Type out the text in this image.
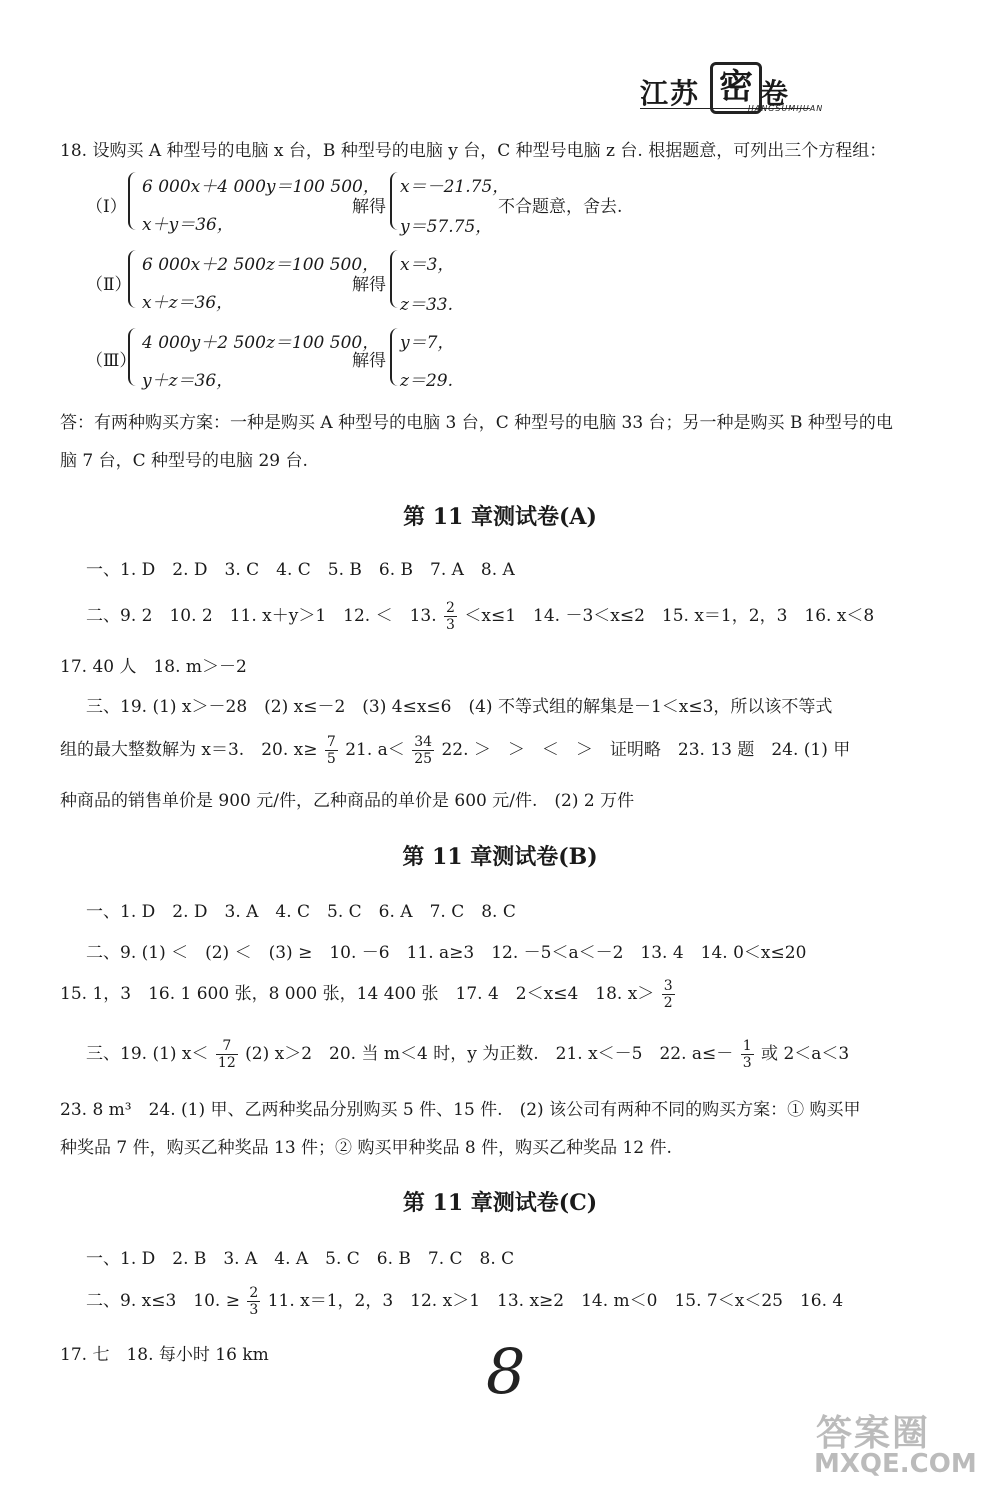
江苏 密 卷
JIANGSUMIJUAN
18. 设购买 A 种型号的电脑 x 台，B 种型号的电脑 y 台，C 种型号电脑 z 台. 根据题意，可列出三个方程组：
（Ⅰ）
6 000x＋4 000y＝100 500，
x＋y＝36，
解得
x＝－21.75，
y＝57.75，
不合题意，舍去.
（Ⅱ）
6 000x＋2 500z＝100 500，
x＋z＝36，
解得
x＝3，
z＝33.
（Ⅲ）
4 000y＋2 500z＝100 500，
y＋z＝36，
解得
y＝7，
z＝29.
答：有两种购买方案：一种是购买 A 种型号的电脑 3 台，C 种型号的电脑 33 台；另一种是购买 B 种型号的电
脑 7 台，C 种型号的电脑 29 台.
第 11 章测试卷(A)
一、1. D　2. D　3. C　4. C　5. B　6. B　7. A　8. A
二、9. 2　10. 2　11. x＋y＞1　12. ＜　13. $\frac{2}{3} <x\le 1$　14. －3＜x≤2　15. x＝1，2，3　16. x＜8
17. 40 人　18. m＞－2
三、19. (1) x＞－28　(2) x≤－2　(3) 4≤x≤6　(4) 不等式组的解集是－1＜x≤3，所以该不等式
组的最大整数解为 x＝3.　20. $x\ge \frac{7}{5} 21$. $a< \frac{34}{25} 22$. ＞　＞　＜　＞　证明略　23. 13 题　24. (1) 甲
种商品的销售单价是 900 元/件，乙种商品的单价是 600 元/件.　(2) 2 万件
第 11 章测试卷(B)
一、1. D　2. D　3. A　4. C　5. C　6. A　7. C　8. C
二、9. (1) ＜　(2) ＜　(3) ≥　10. －6　11. a≥3　12. －5＜a＜－2　13. 4　14. 0＜x≤20
15. 1，3　16. 1 600 张，8 000 张，14 400 张　17. 4　2＜x≤4　18. $x> \frac{3}{2}$
三、19. (1) $x< \frac{7}{12} (2)$ x＞2　20. 当 m＜4 时，y 为正数.　21. x＜－5　22. $a\le- \frac{1}{3}$ 或 2＜a＜3
23. 8 m³　24. (1) 甲、乙两种奖品分别购买 5 件、15 件.　(2) 该公司有两种不同的购买方案：① 购买甲
种奖品 7 件，购买乙种奖品 13 件；② 购买甲种奖品 8 件，购买乙种奖品 12 件.
第 11 章测试卷(C)
一、1. D　2. B　3. A　4. A　5. C　6. B　7. C　8. C
二、9. x≤3　10. ≥ $\frac{2}{3} 11$. x＝1，2，3　12. x＞1　13. x≥2　14. m＜0　15. 7＜x＜25　16. 4
17. 七　18. 每小时 16 km	8
答案圈
MXQE.COM
